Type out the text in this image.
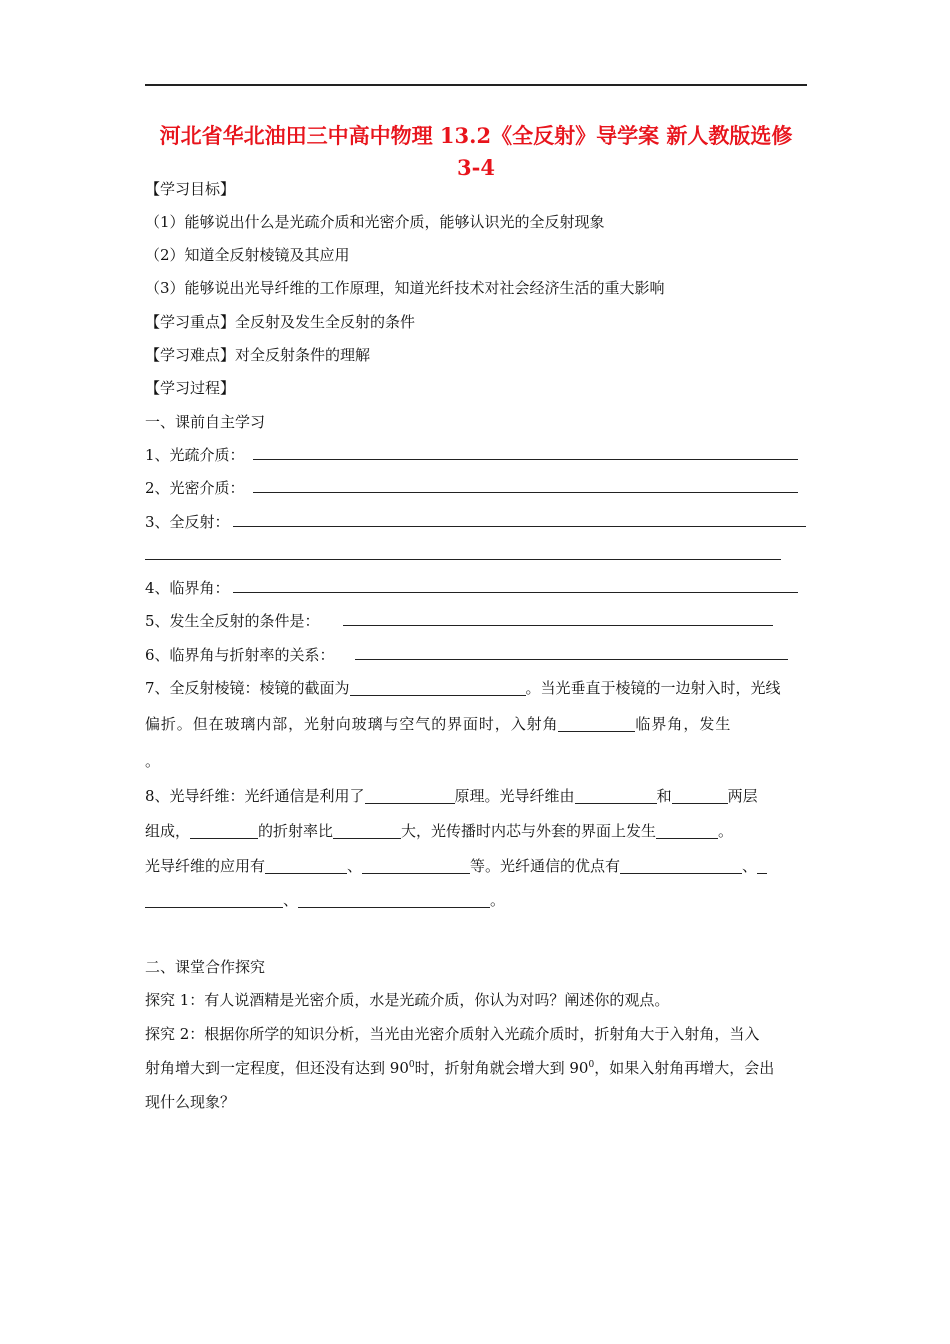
河北省华北油田三中高中物理 13.2《全反射》导学案 新人教版选修
3-4
【学习目标】
（1）能够说出什么是光疏介质和光密介质，能够认识光的全反射现象
（2）知道全反射棱镜及其应用
（3）能够说出光导纤维的工作原理，知道光纤技术对社会经济生活的重大影响
【学习重点】全反射及发生全反射的条件
【学习难点】对全反射条件的理解
【学习过程】
一、课前自主学习
1、光疏介质：
2、光密介质：
3、全反射：
4、临界角：
5、发生全反射的条件是：
6、临界角与折射率的关系：
7、全反射棱镜：棱镜的截面为	。当光垂直于棱镜的一边射入时，光线
偏折。但在玻璃内部，光射向玻璃与空气的界面时，入射角	临界角，发生
。
8、光导纤维：光纤通信是利用了	原理。光导纤维由	和	两层
组成，	的折射率比	大，光传播时内芯与外套的界面上发生	。
光导纤维的应用有	、	等。光纤通信的优点有	、
、	。
二、课堂合作探究
探究 1：有人说酒精是光密介质，水是光疏介质，你认为对吗？阐述你的观点。
探究 2：根据你所学的知识分析，当光由光密介质射入光疏介质时，折射角大于入射角，当入
射角增大到一定程度，但还没有达到 $90^0$时，折射角就会增大到 $90^0$，如果入射角再增大，会出
现什么现象？
